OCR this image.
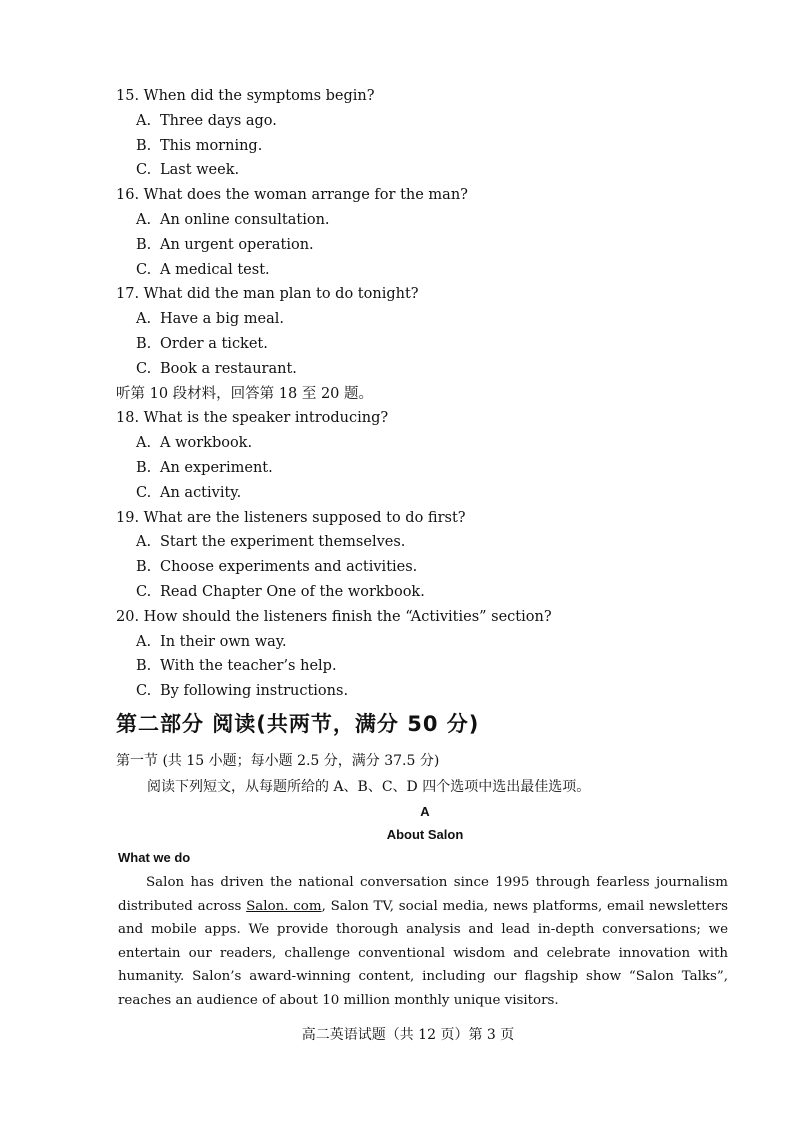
15. When did the symptoms begin?
A. Three days ago.
B. This morning.
C. Last week.
16. What does the woman arrange for the man?
A. An online consultation.
B. An urgent operation.
C. A medical test.
17. What did the man plan to do tonight?
A. Have a big meal.
B. Order a ticket.
C. Book a restaurant.
听第 10 段材料，回答第 18 至 20 题。
18. What is the speaker introducing?
A. A workbook.
B. An experiment.
C. An activity.
19. What are the listeners supposed to do first?
A. Start the experiment themselves.
B. Choose experiments and activities.
C. Read Chapter One of the workbook.
20. How should the listeners finish the “Activities” section?
A. In their own way.
B. With the teacher’s help.
C. By following instructions.
第二部分 阅读(共两节，满分 50 分)
第一节 (共 15 小题；每小题 2.5 分，满分 37.5 分)
阅读下列短文，从每题所给的 A、B、C、D 四个选项中选出最佳选项。
A
About Salon
What we do
Salon has driven the national conversation since 1995 through fearless journalism distributed across Salon. com, Salon TV, social media, news platforms, email newsletters and mobile apps. We provide thorough analysis and lead in-depth conversations; we entertain our readers, challenge conventional wisdom and celebrate innovation with humanity. Salon’s award-winning content, including our flagship show “Salon Talks”, reaches an audience of about 10 million monthly unique visitors.
高二英语试题（共 12 页）第 3 页
